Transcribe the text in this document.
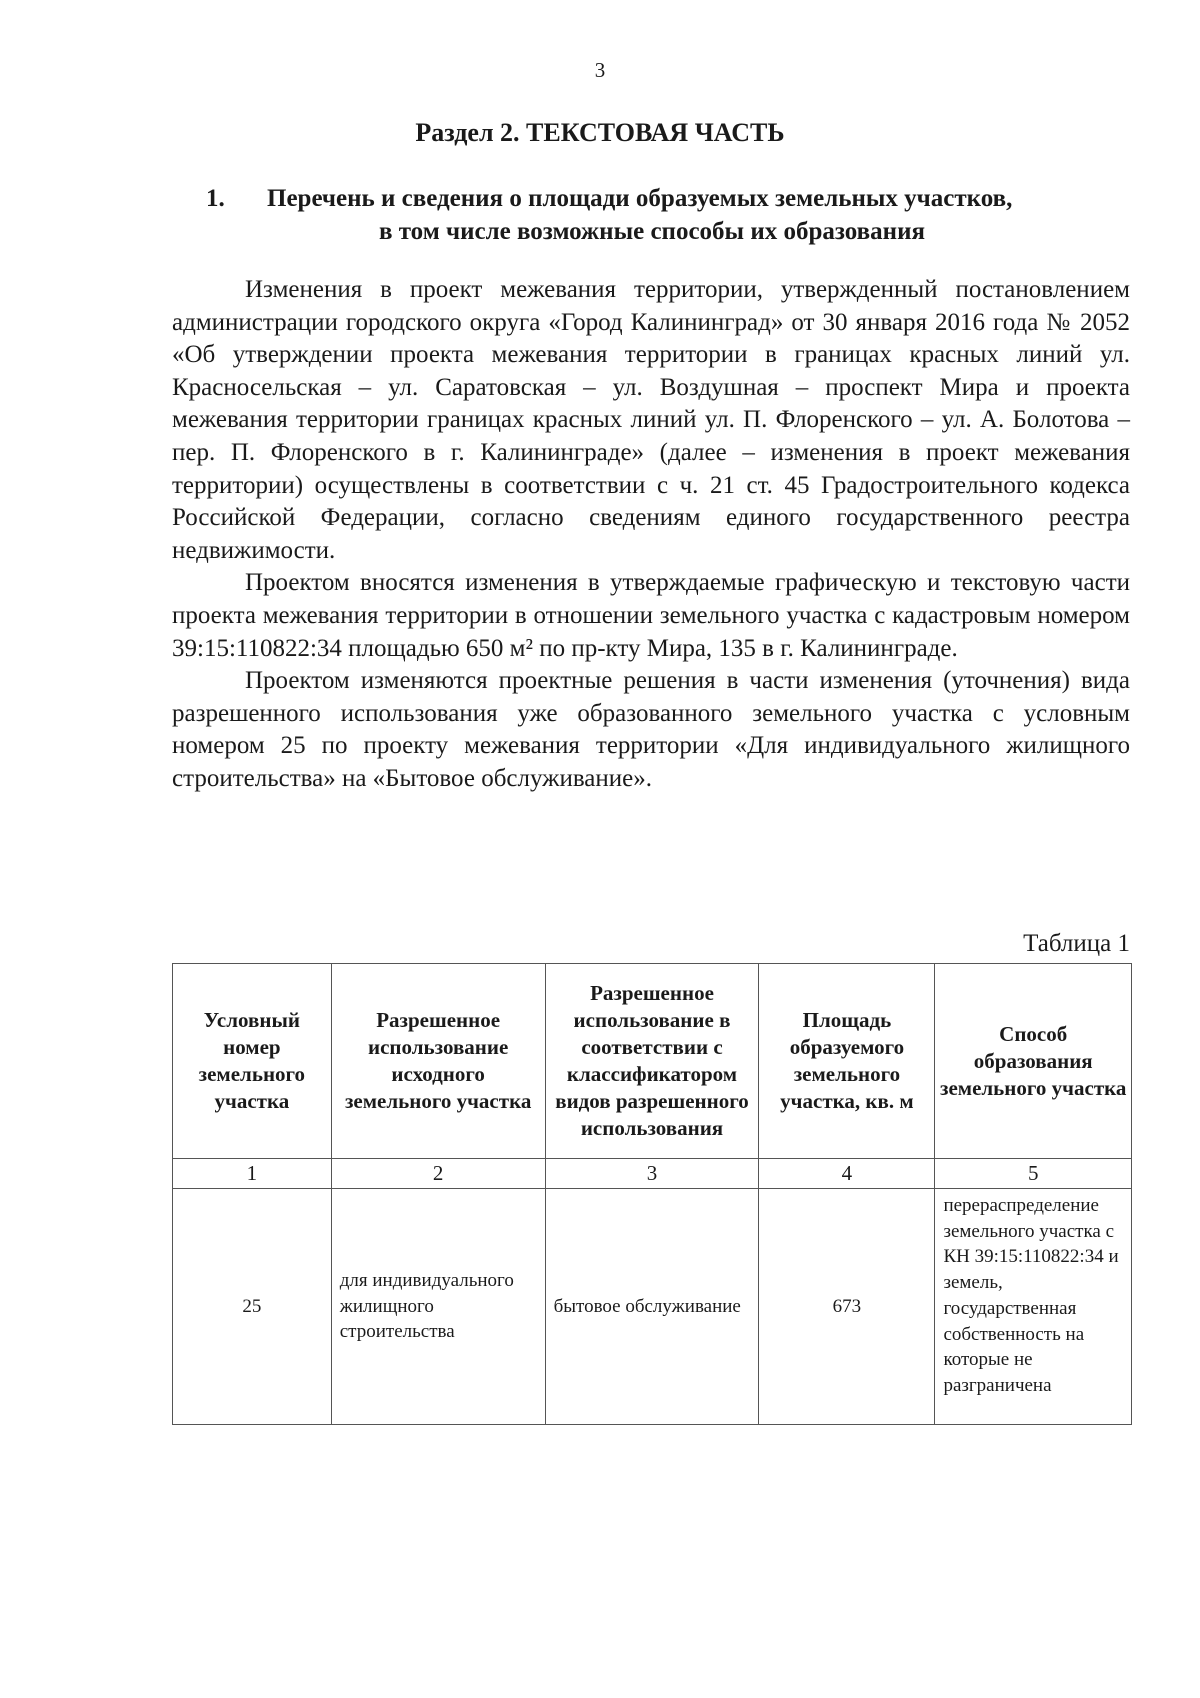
3
Раздел 2. ТЕКСТОВАЯ ЧАСТЬ
1. Перечень и сведения о площади образуемых земельных участков,
в том числе возможные способы их образования

Изменения в проект межевания территории, утвержденный постановлением администрации городского округа «Город Калининград» от 30 января 2016 года № 2052 «Об утверждении проекта межевания территории в границах красных линий ул. Красносельская – ул. Саратовская – ул. Воздушная – проспект Мира и проекта межевания территории границах красных линий ул. П. Флоренского – ул. А. Болотова – пер. П. Флоренского в г. Калининграде» (далее – изменения в проект межевания территории) осуществлены в соответствии с ч. 21 ст. 45 Градостроительного кодекса Российской Федерации, согласно сведениям единого государственного реестра недвижимости.

Проектом вносятся изменения в утверждаемые графическую и текстовую части проекта межевания территории в отношении земельного участка с кадастровым номером 39:15:110822:34 площадью 650 м² по пр-кту Мира, 135 в г. Калининграде.

Проектом изменяются проектные решения в части изменения (уточнения) вида разрешенного использования уже образованного земельного участка с условным номером 25 по проекту межевания территории «Для индивидуального жилищного строительства» на «Бытовое обслуживание».

Таблица 1
Условный номер земельного участка	Разрешенное использование исходного земельного участка	Разрешенное использование в соответствии с классификатором видов разрешенного использования	Площадь образуемого земельного участка, кв. м	Способ образования земельного участка
1	2	3	4	5
25	для индивидуального жилищного строительства	бытовое обслуживание	673	перераспределение земельного участка с КН 39:15:110822:34 и земель, государственная собственность на которые не разграничена
